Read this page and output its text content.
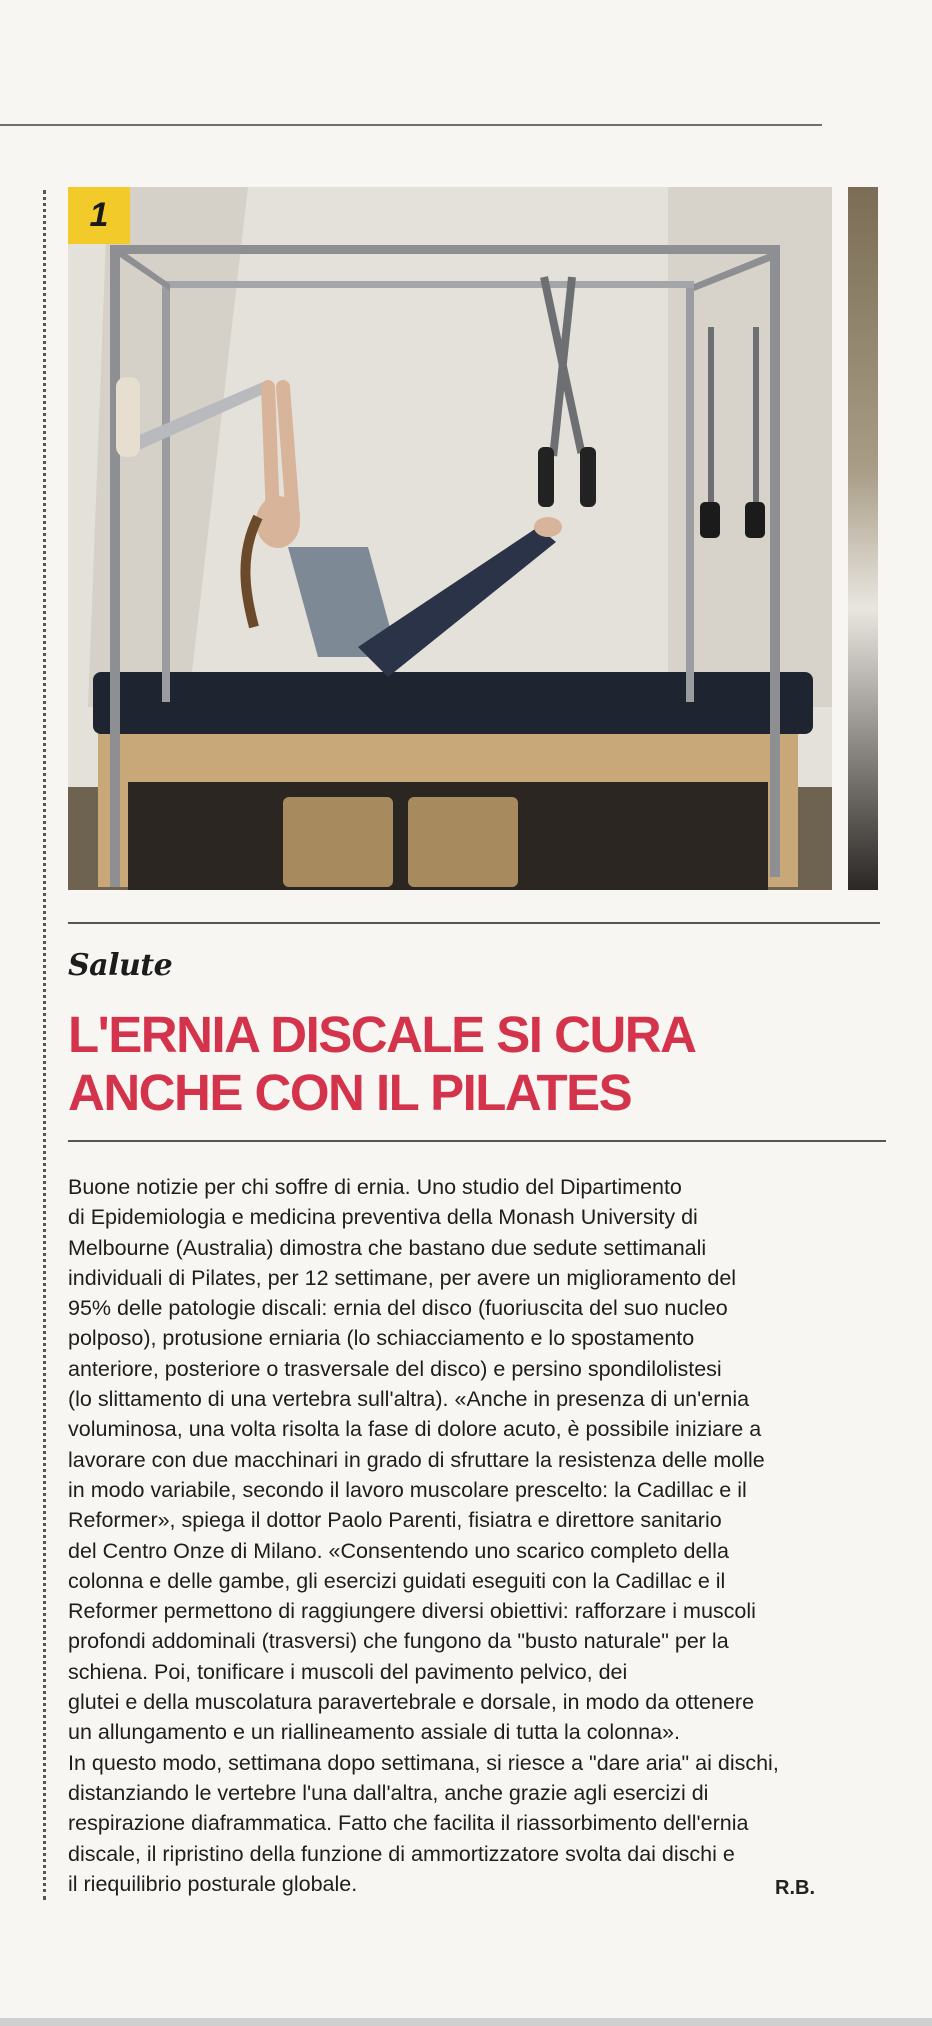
1
Salute
L'ERNIA DISCALE SI CURA
ANCHE CON IL PILATES

Buone notizie per chi soffre di ernia. Uno studio del Dipartimento
di Epidemiologia e medicina preventiva della Monash University di
Melbourne (Australia) dimostra che bastano due sedute settimanali
individuali di Pilates, per 12 settimane, per avere un miglioramento del
95% delle patologie discali: ernia del disco (fuoriuscita del suo nucleo
polposo), protusione erniaria (lo schiacciamento e lo spostamento
anteriore, posteriore o trasversale del disco) e persino spondilolistesi
(lo slittamento di una vertebra sull'altra). «Anche in presenza di un'ernia
voluminosa, una volta risolta la fase di dolore acuto, è possibile iniziare a
lavorare con due macchinari in grado di sfruttare la resistenza delle molle
in modo variabile, secondo il lavoro muscolare prescelto: la Cadillac e il
Reformer», spiega il dottor Paolo Parenti, fisiatra e direttore sanitario
del Centro Onze di Milano. «Consentendo uno scarico completo della
colonna e delle gambe, gli esercizi guidati eseguiti con la Cadillac e il
Reformer permettono di raggiungere diversi obiettivi: rafforzare i muscoli
profondi addominali (trasversi) che fungono da "busto naturale" per la
schiena. Poi, tonificare i muscoli del pavimento pelvico, dei
glutei e della muscolatura paravertebrale e dorsale, in modo da ottenere
un allungamento e un riallineamento assiale di tutta la colonna».
In questo modo, settimana dopo settimana, si riesce a "dare aria" ai dischi,
distanziando le vertebre l'una dall'altra, anche grazie agli esercizi di
respirazione diaframmatica. Fatto che facilita il riassorbimento dell'ernia
discale, il ripristino della funzione di ammortizzatore svolta dai dischi e
il riequilibrio posturale globale.	R.B.
